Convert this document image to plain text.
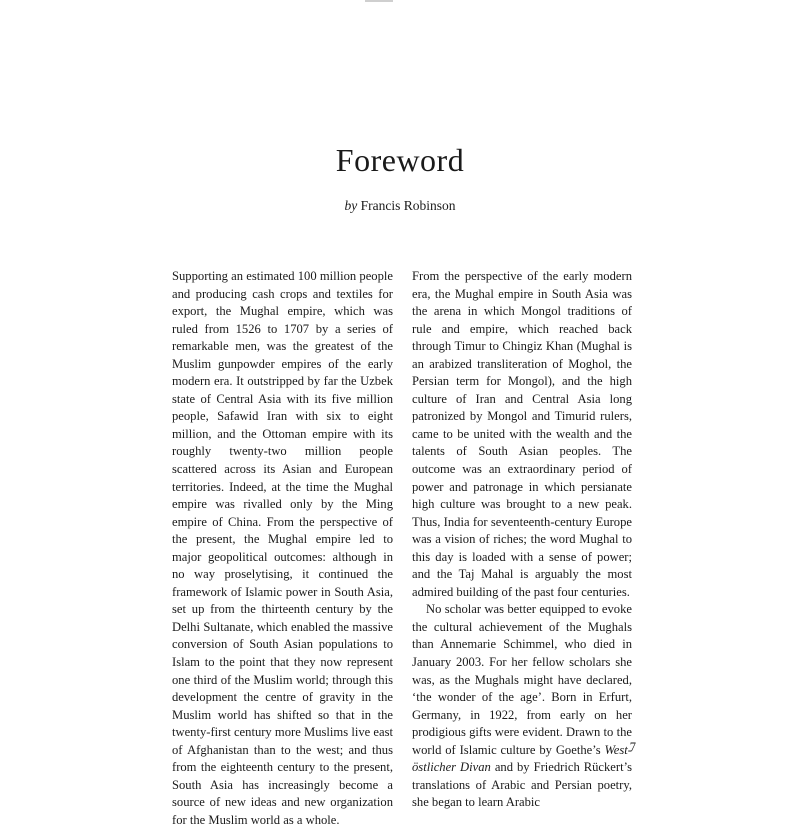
Foreword
by Francis Robinson

Supporting an estimated 100 million people and producing cash crops and textiles for export, the Mughal empire, which was ruled from 1526 to 1707 by a series of remarkable men, was the greatest of the Muslim gunpowder empires of the early modern era. It outstripped by far the Uzbek state of Central Asia with its five million people, Safawid Iran with six to eight million, and the Ottoman empire with its roughly twenty-two million people scattered across its Asian and European territories. Indeed, at the time the Mughal empire was rivalled only by the Ming empire of China. From the perspective of the present, the Mughal empire led to major geopolitical outcomes: although in no way proselytising, it continued the framework of Islamic power in South Asia, set up from the thirteenth century by the Delhi Sultanate, which enabled the massive conversion of South Asian populations to Islam to the point that they now represent one third of the Muslim world; through this development the centre of gravity in the Muslim world has shifted so that in the twenty-first century more Muslims live east of Afghanistan than to the west; and thus from the eighteenth century to the present, South Asia has increasingly become a source of new ideas and new organization for the Muslim world as a whole.

From the perspective of the early modern era, the Mughal empire in South Asia was the arena in which Mongol traditions of rule and empire, which reached back through Timur to Chingiz Khan (Mughal is an arabized transliteration of Moghol, the Persian term for Mongol), and the high culture of Iran and Central Asia long patronized by Mongol and Timurid rulers, came to be united with the wealth and the talents of South Asian peoples. The outcome was an extraordinary period of power and patronage in which persianate high culture was brought to a new peak. Thus, India for seventeenth-century Europe was a vision of riches; the word Mughal to this day is loaded with a sense of power; and the Taj Mahal is arguably the most admired building of the past four centuries.

No scholar was better equipped to evoke the cultural achievement of the Mughals than Annemarie Schimmel, who died in January 2003. For her fellow scholars she was, as the Mughals might have declared, ‘the wonder of the age’. Born in Erfurt, Germany, in 1922, from early on her prodigious gifts were evident. Drawn to the world of Islamic culture by Goethe’s West-östlicher Divan and by Friedrich Rückert’s translations of Arabic and Persian poetry, she began to learn Arabic

7
